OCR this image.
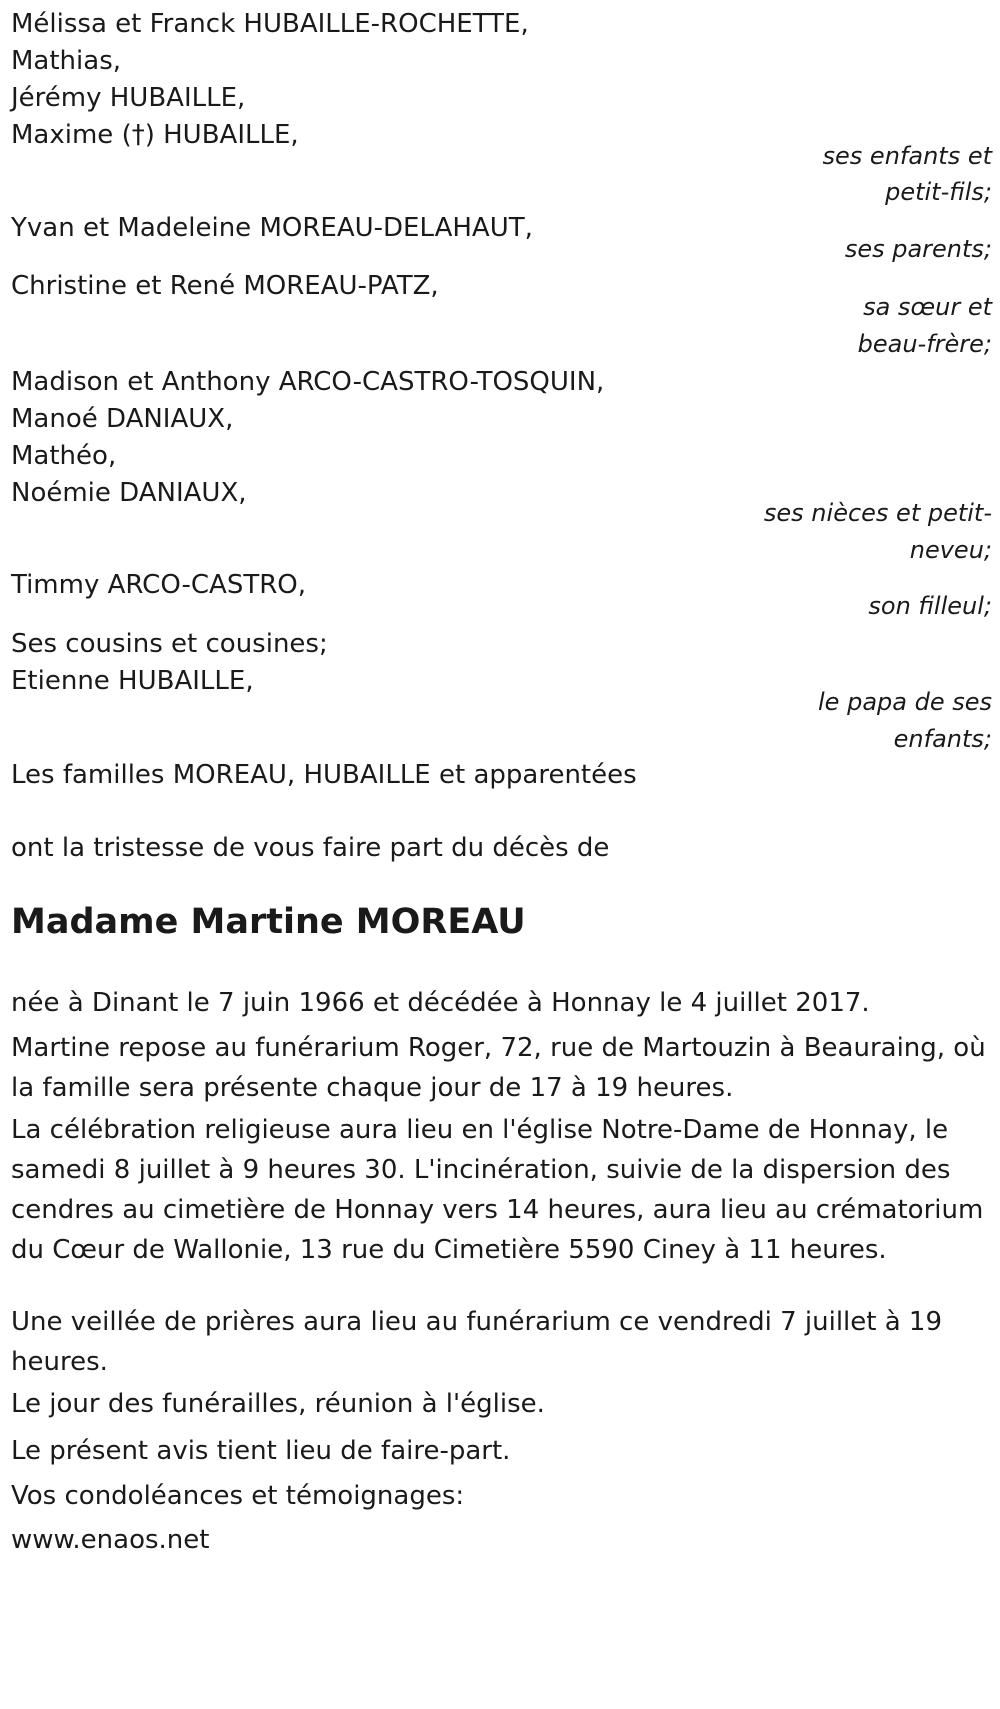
Mélissa et Franck HUBAILLE-ROCHETTE,
Mathias,
Jérémy HUBAILLE,
Maxime (†) HUBAILLE,
ses enfants et
petit-fils;
Yvan et Madeleine MOREAU-DELAHAUT,
ses parents;
Christine et René MOREAU-PATZ,
sa sœur et
beau-frère;
Madison et Anthony ARCO-CASTRO-TOSQUIN,
Manoé DANIAUX,
Mathéo,
Noémie DANIAUX,
ses nièces et petit-
neveu;
Timmy ARCO-CASTRO,
son filleul;
Ses cousins et cousines;
Etienne HUBAILLE,
le papa de ses
enfants;
Les familles MOREAU, HUBAILLE et apparentées
ont la tristesse de vous faire part du décès de
Madame Martine MOREAU
née à Dinant le 7 juin 1966 et décédée à Honnay le 4 juillet 2017.
Martine repose au funérarium Roger, 72, rue de Martouzin à Beauraing, où la famille sera présente chaque jour de 17 à 19 heures.
La célébration religieuse aura lieu en l'église Notre-Dame de Honnay, le samedi 8 juillet à 9 heures 30. L'incinération, suivie de la dispersion des cendres au cimetière de Honnay vers 14 heures, aura lieu au crématorium du Cœur de Wallonie, 13 rue du Cimetière 5590 Ciney à 11 heures.
Une veillée de prières aura lieu au funérarium ce vendredi 7 juillet à 19 heures.
Le jour des funérailles, réunion à l'église.
Le présent avis tient lieu de faire-part.
Vos condoléances et témoignages:
www.enaos.net
